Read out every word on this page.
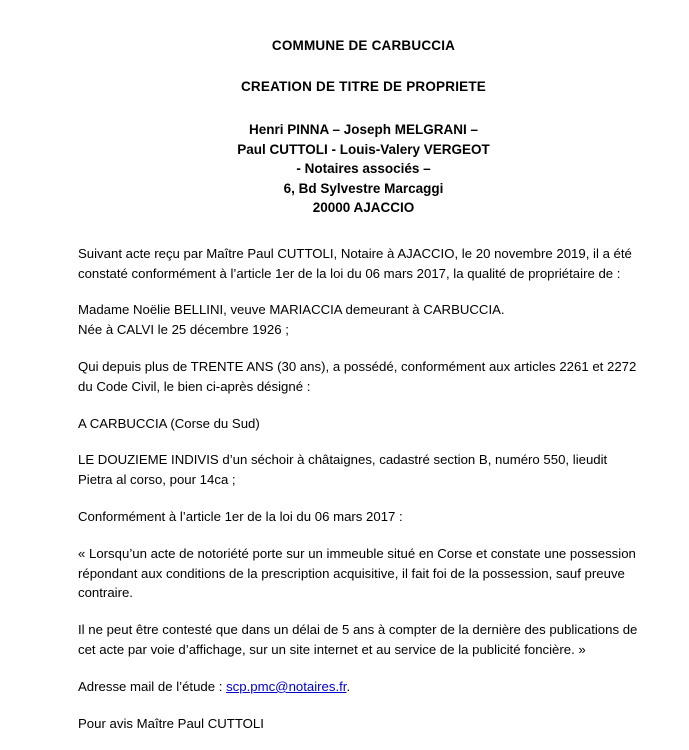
COMMUNE DE CARBUCCIA
CREATION DE TITRE DE PROPRIETE
Henri PINNA – Joseph MELGRANI –
Paul CUTTOLI - Louis-Valery VERGEOT
- Notaires associés –
6, Bd Sylvestre Marcaggi
20000 AJACCIO

Suivant acte reçu par Maître Paul CUTTOLI, Notaire à AJACCIO, le 20 novembre 2019, il a été constaté conformément à l’article 1er de la loi du 06 mars 2017, la qualité de propriétaire de :

Madame Noëlie BELLINI, veuve MARIACCIA demeurant à CARBUCCIA.
Née à CALVI le 25 décembre 1926 ;

Qui depuis plus de TRENTE ANS (30 ans), a possédé, conformément aux articles 2261 et 2272 du Code Civil, le bien ci-après désigné :

A CARBUCCIA (Corse du Sud)

LE DOUZIEME INDIVIS d’un séchoir à châtaignes, cadastré section B, numéro 550, lieudit Pietra al corso, pour 14ca ;

Conformément à l’article 1er de la loi du 06 mars 2017 :

« Lorsqu’un acte de notoriété porte sur un immeuble situé en Corse et constate une possession répondant aux conditions de la prescription acquisitive, il fait foi de la possession, sauf preuve contraire.

Il ne peut être contesté que dans un délai de 5 ans à compter de la dernière des publications de cet acte par voie d’affichage, sur un site internet et au service de la publicité foncière. »

Adresse mail de l’étude : scp.pmc@notaires.fr.

Pour avis Maître Paul CUTTOLI
